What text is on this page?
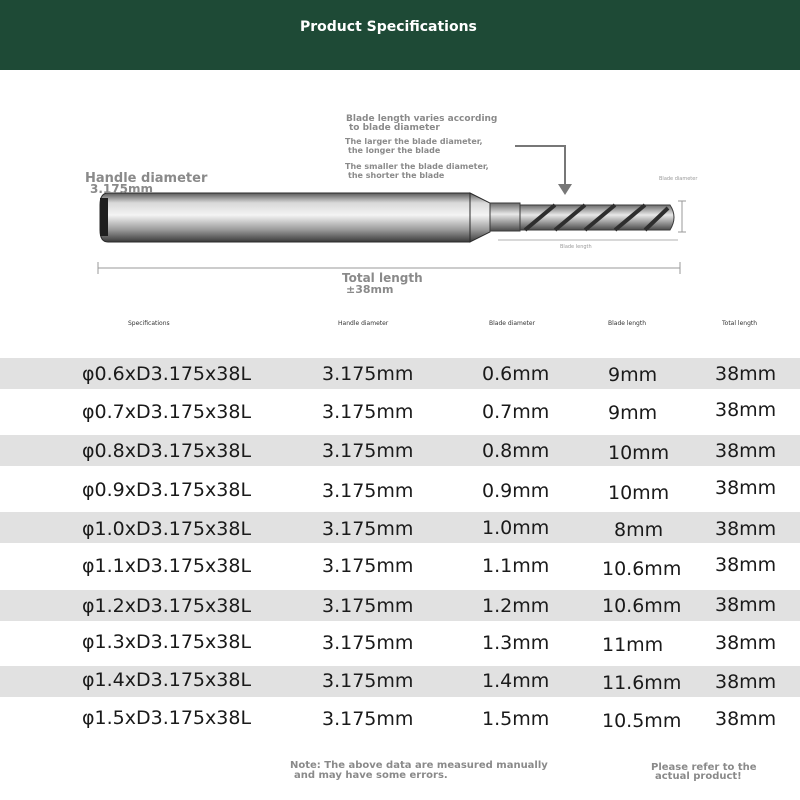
Product Specifications
Handle diameter
3.175mm
Blade length varies according
to blade diameter
The larger the blade diameter,
the longer the blade
The smaller the blade diameter,
the shorter the blade	Blade diameter
Blade length
Total length
±38mm
Specifications	Handle diameter	Blade diameter	Blade length	Total length
φ0.6xD3.175x38L	3.175mm	0.6mm	9mm	38mm
φ0.7xD3.175x38L	3.175mm	0.7mm	9mm	38mm
φ0.8xD3.175x38L	3.175mm	0.8mm	10mm 38mm
φ0.9xD3.175x38L	3.175mm	0.9mm	10mm 38mm
φ1.0xD3.175x38L	3.175mm	1.0mm	8mm	38mm
φ1.1xD3.175x38L	3.175mm	1.1mm	10.6mm 38mm
φ1.2xD3.175x38L	3.175mm	1.2mm	10.6mm 38mm
φ1.3xD3.175x38L	3.175mm	1.3mm	11mm	38mm
φ1.4xD3.175x38L	3.175mm	1.4mm	11.6mm 38mm
φ1.5xD3.175x38L	3.175mm	1.5mm	10.5mm 38mm
Note: The above data are measured manually
and may have some errors.
Please refer to the
actual product!
